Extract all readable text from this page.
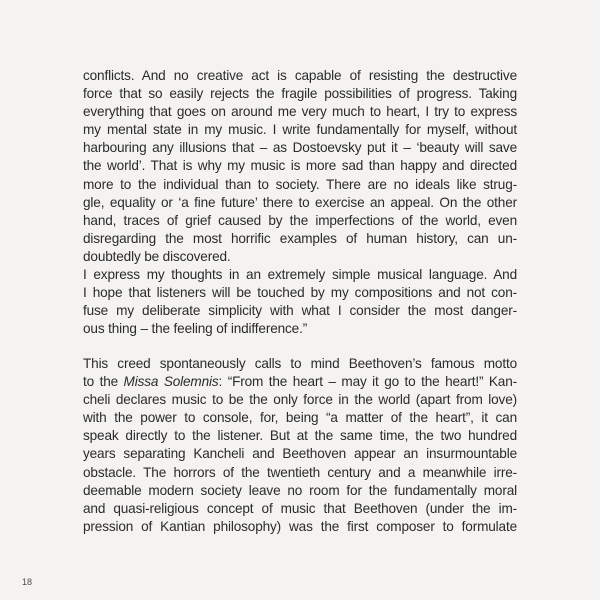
conflicts. And no creative act is capable of resisting the destructive
force that so easily rejects the fragile possibilities of progress. Taking
everything that goes on around me very much to heart, I try to express
my mental state in my music. I write fundamentally for myself, without
harbouring any illusions that – as Dostoevsky put it – ‘beauty will save
the world’. That is why my music is more sad than happy and directed
more to the individual than to society. There are no ideals like strug-
gle, equality or ‘a fine future’ there to exercise an appeal. On the other
hand, traces of grief caused by the imperfections of the world, even
disregarding the most horrific examples of human history, can un-
doubtedly be discovered.
I express my thoughts in an extremely simple musical language. And
I hope that listeners will be touched by my compositions and not con-
fuse my deliberate simplicity with what I consider the most danger-
ous thing – the feeling of indifference.”
This creed spontaneously calls to mind Beethoven’s famous motto
to the Missa Solemnis: “From the heart – may it go to the heart!” Kan-
cheli declares music to be the only force in the world (apart from love)
with the power to console, for, being “a matter of the heart”, it can
speak directly to the listener. But at the same time, the two hundred
years separating Kancheli and Beethoven appear an insurmountable
obstacle. The horrors of the twentieth century and a meanwhile irre-
deemable modern society leave no room for the fundamentally moral
and quasi-religious concept of music that Beethoven (under the im-
pression of Kantian philosophy) was the first composer to formulate
18
